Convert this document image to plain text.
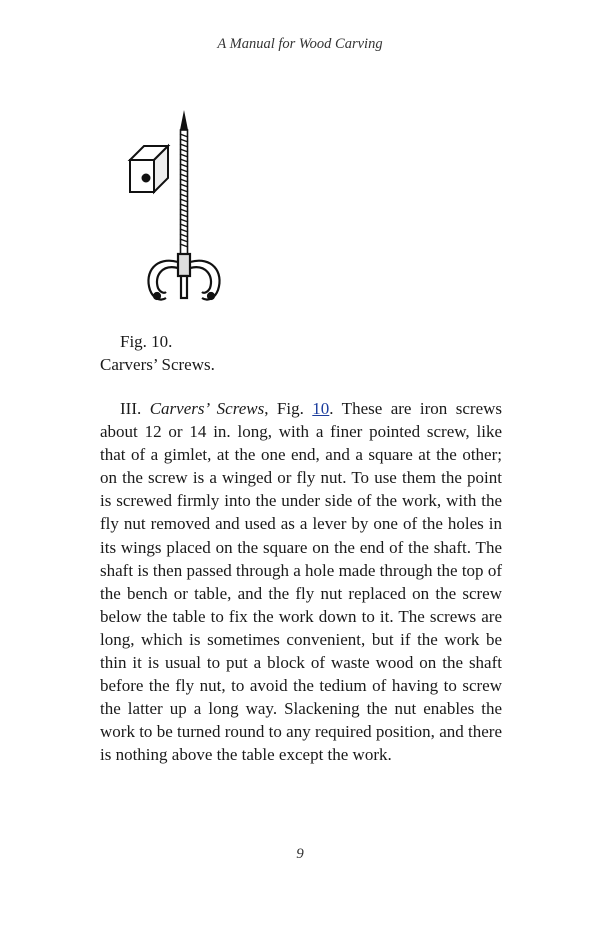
A Manual for Wood Carving
Fig. 10.
Carvers’ Screws.

III. Carvers’ Screws, Fig. 10. These are iron screws about 12 or 14 in. long, with a finer pointed screw, like that of a gimlet, at the one end, and a square at the other; on the screw is a winged or fly nut. To use them the point is screwed firmly into the under side of the work, with the fly nut removed and used as a lever by one of the holes in its wings placed on the square on the end of the shaft. The shaft is then passed through a hole made through the top of the bench or table, and the fly nut replaced on the screw below the table to fix the work down to it. The screws are long, which is sometimes convenient, but if the work be thin it is usual to put a block of waste wood on the shaft before the fly nut, to avoid the tedium of having to screw the latter up a long way. Slackening the nut enables the work to be turned round to any required position, and there is nothing above the table except the work.

9
